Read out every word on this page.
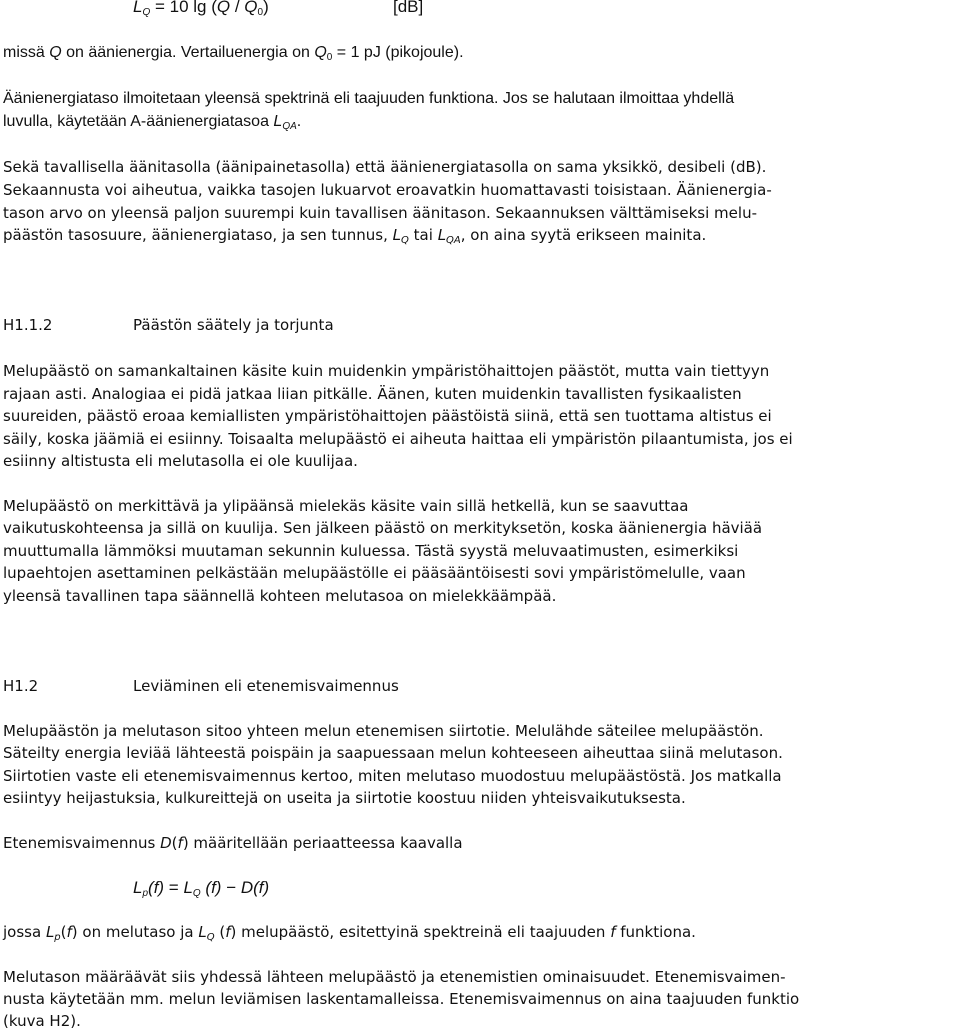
$L_Q = 10$ $\lg (Q / Q_0)$	[dB]
missä Q on äänienergia. Vertailuenergia on $Q_0 = 1$ pJ (pikojoule).
Äänienergiataso ilmoitetaan yleensä spektrinä eli taajuuden funktiona. Jos se halutaan ilmoittaa yhdellä
luvulla, käytetään A-äänienergiatasoa $L_{QA}$.
Sekä tavallisella äänitasolla (äänipainetasolla) että äänienergiatasolla on sama yksikkö, desibeli (dB).
Sekaannusta voi aiheutua, vaikka tasojen lukuarvot eroavatkin huomattavasti toisistaan. Äänienergia-
tason arvo on yleensä paljon suurempi kuin tavallisen äänitason. Sekaannuksen välttämiseksi melu-
päästön tasosuure, äänienergiataso, ja sen tunnus, $L_Q$ tai $L_{QA}$, on aina syytä erikseen mainita.
H1.1.2	Päästön säätely ja torjunta
Melupäästö on samankaltainen käsite kuin muidenkin ympäristöhaittojen päästöt, mutta vain tiettyyn
rajaan asti. Analogiaa ei pidä jatkaa liian pitkälle. Äänen, kuten muidenkin tavallisten fysikaalisten
suureiden, päästö eroaa kemiallisten ympäristöhaittojen päästöistä siinä, että sen tuottama altistus ei
säily, koska jäämiä ei esiinny. Toisaalta melupäästö ei aiheuta haittaa eli ympäristön pilaantumista, jos ei
esiinny altistusta eli melutasolla ei ole kuulijaa.
Melupäästö on merkittävä ja ylipäänsä mielekäs käsite vain sillä hetkellä, kun se saavuttaa
vaikutuskohteensa ja sillä on kuulija. Sen jälkeen päästö on merkityksetön, koska äänienergia häviää
muuttumalla lämmöksi muutaman sekunnin kuluessa. Tästä syystä meluvaatimusten, esimerkiksi
lupaehtojen asettaminen pelkästään melupäästölle ei pääsääntöisesti sovi ympäristömelulle, vaan
yleensä tavallinen tapa säännellä kohteen melutasoa on mielekkäämpää.
H1.2	Leviäminen eli etenemisvaimennus
Melupäästön ja melutason sitoo yhteen melun etenemisen siirtotie. Melulähde säteilee melupäästön.
Säteilty energia leviää lähteestä poispäin ja saapuessaan melun kohteeseen aiheuttaa siinä melutason.
Siirtotien vaste eli etenemisvaimennus kertoo, miten melutaso muodostuu melupäästöstä. Jos matkalla
esiintyy heijastuksia, kulkureittejä on useita ja siirtotie koostuu niiden yhteisvaikutuksesta.
Etenemisvaimennus D(f) määritellään periaatteessa kaavalla
$L_p(f) = L_Q$ (f) − D(f)
jossa $L_p(f)$ on melutaso ja $L_Q$ (f) melupäästö, esitettyinä spektreinä eli taajuuden f funktiona.
Melutason määräävät siis yhdessä lähteen melupäästö ja etenemistien ominaisuudet. Etenemisvaimen-
nusta käytetään mm. melun leviämisen laskentamalleissa. Etenemisvaimennus on aina taajuuden funktio
(kuva H2).
